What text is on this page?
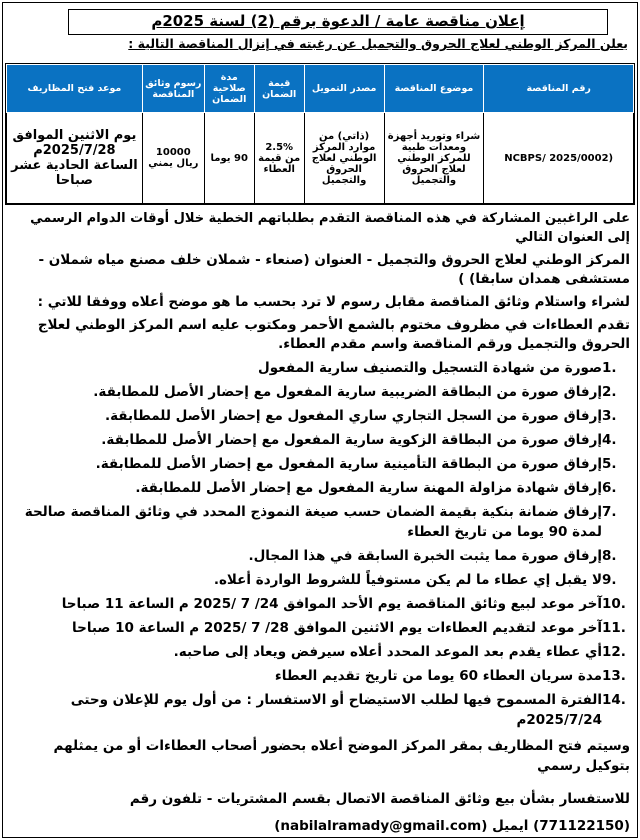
إعلان مناقصة عامة / الدعوة برقم (2) لسنة 2025م
يعلن المركز الوطني لعلاج الحروق والتجميل عن رغبته في إنزال المناقصة التالية :
رقم المناقصة	موضوع المناقصة	مصدر التمويل	قيمة الضمان	مدة صلاحية الضمان	رسوم وثائق المناقصة	موعد فتح المظاريف
NCBPS/ 2025/0002)	شراء وتوريد أجهزة ومعدات طبية للمركز الوطني لعلاج الحروق والتجميل	(ذاتي) من موارد المركز الوطني لعلاج الحروق والتجميل	2.5% من قيمة العطاء	90 يوما	10000 ريال يمني	يوم الاثنين الموافق 2025/7/28م الساعة الحادية عشر صباحا
على الراغبين المشاركة في هذه المناقصة التقدم بطلباتهم الخطية خلال أوقات الدوام الرسمي إلى العنوان التالي
المركز الوطني لعلاج الحروق والتجميل - العنوان (صنعاء - شملان خلف مصنع مياه شملان - مستشفى همدان سابقا) )
لشراء واستلام وثائق المناقصة مقابل رسوم لا ترد بحسب ما هو موضح أعلاه ووفقا للاتي :
تقدم العطاءات في مظروف مختوم بالشمع الأحمر ومكتوب عليه اسم المركز الوطني لعلاج الحروق والتجميل ورقم المناقصة واسم مقدم العطاء.
1.
صورة من شهادة التسجيل والتصنيف سارية المفعول
2.
إرفاق صورة من البطاقة الضريبية سارية المفعول مع إحضار الأصل للمطابقة.
3.
إرفاق صورة من السجل التجاري ساري المفعول مع إحضار الأصل للمطابقة.
4.
إرفاق صورة من البطاقة الزكوية سارية المفعول مع إحضار الأصل للمطابقة.
5.
إرفاق صورة من البطاقة التأمينية سارية المفعول مع إحضار الأصل للمطابقة.
6.
إرفاق شهادة مزاولة المهنة سارية المفعول مع إحضار الأصل للمطابقة.
7.
إرفاق ضمانة بنكية بقيمة الضمان حسب صيغة النموذج المحدد في وثائق المناقصة صالحة لمدة 90 يوما من تاريخ العطاء
8.
إرفاق صورة مما يثبت الخبرة السابقة في هذا المجال.
9.
لا يقبل إي عطاء ما لم يكن مستوفياً للشروط الواردة أعلاه.
10.
آخر موعد لبيع وثائق المناقصة يوم الأحد الموافق 24/ 7 /2025 م الساعة 11 صباحا
11.
آخر موعد لتقديم العطاءات يوم الاثنين الموافق 28/ 7 /2025 م الساعة 10 صباحا
12.
أي عطاء يقدم بعد الموعد المحدد أعلاه سيرفض ويعاد إلى صاحبه.
13.
مدة سريان العطاء 60 يوما من تاريخ تقديم العطاء
14.
الفترة المسموح فيها لطلب الاستيضاح أو الاستفسار : من أول يوم للإعلان وحتى 2025/7/24م
وسيتم فتح المظاريف بمقر المركز الموضح أعلاه بحضور أصحاب العطاءات أو من يمثلهم بتوكيل رسمي
للاستفسار بشأن بيع وثائق المناقصة الاتصال بقسم المشتريات - تلفون رقم
(771122150) ايميل (nabilalramady@gmail.com)
